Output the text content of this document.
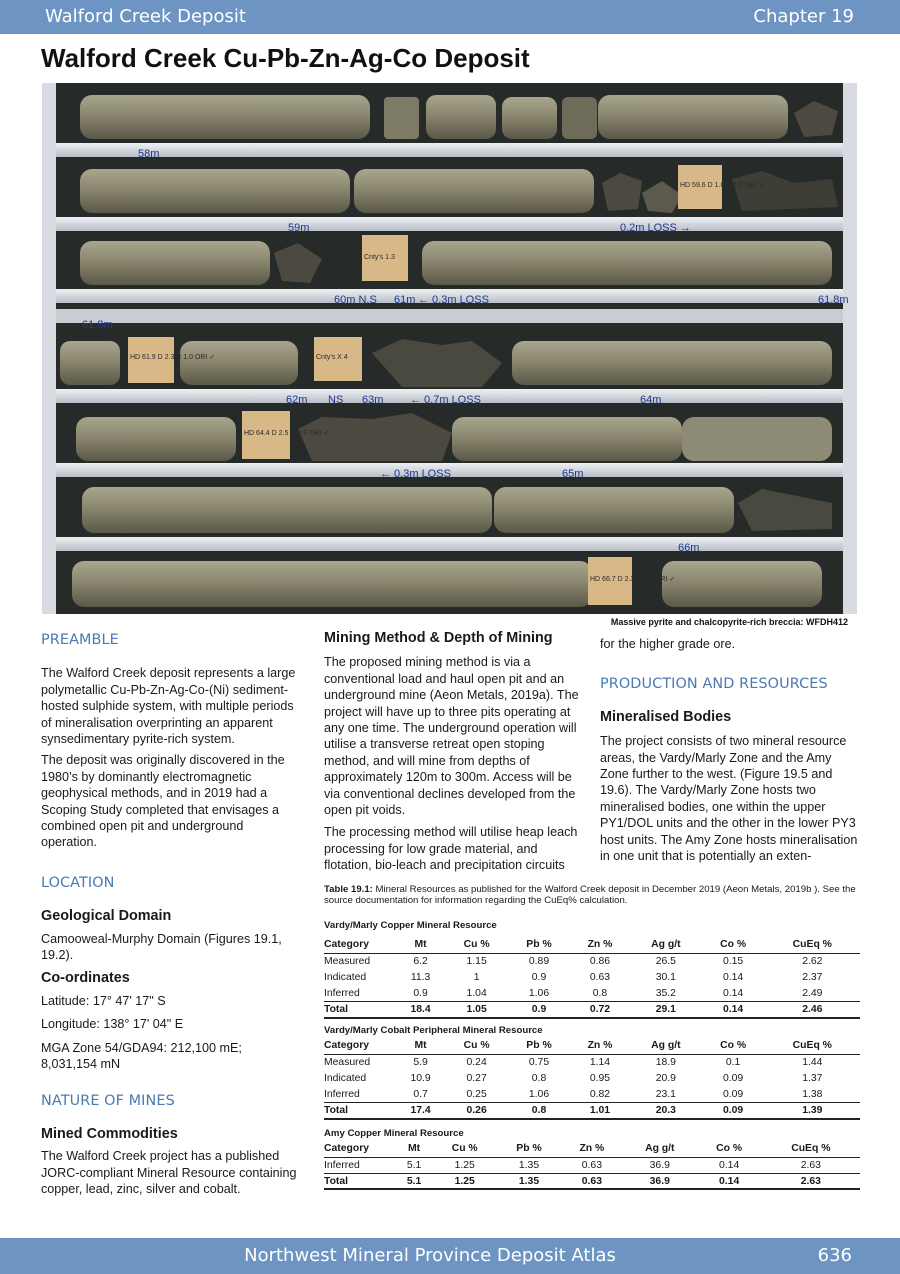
Walford Creek Deposit	Chapter 19
Walford Creek Cu-Pb-Zn-Ag-Co Deposit
58m
0.2m LOSS →
59m
60m N.S 61m ← 0.3m LOSS	61.8m
61.8m
62m NS 63m ← 0.7m LOSS	64m
← 0.3m LOSS	65m
66m
HD 59.6 D 1.8 R 1.6 ORI ✓
Cnty's 1.3
HD 61.9 D 2.3 R 1.0 ORI ✓	Cnty's X 4
HD 64.4 D 2.5 R 0.8 ORI ✓
HD 66.7 D 2.3 R 2.0 ORI ✓
Massive pyrite and chalcopyrite-rich breccia: WFDH412
PREAMBLE

The Walford Creek deposit represents a large polymetallic Cu-Pb-Zn-Ag-Co-(Ni) sediment-hosted sulphide system, with multiple periods of mineralisation overprinting an apparent synsedimentary pyrite-rich system.

The deposit was originally discovered in the 1980’s by dominantly electromagnetic geophysical methods, and in 2019 had a Scoping Study completed that envisages a combined open pit and underground operation.

LOCATION
Geological Domain

Camooweal-Murphy Domain (Figures 19.1, 19.2).

Co-ordinates

Latitude: 17° 47' 17" S

Longitude: 138° 17' 04" E

MGA Zone 54/GDA94: 212,100 mE; 8,031,154 mN

NATURE OF MINES
Mined Commodities

The Walford Creek project has a published JORC-compliant Mineral Resource containing copper, lead, zinc, silver and cobalt.

Mining Method & Depth of Mining

The proposed mining method is via a conventional load and haul open pit and an underground mine (Aeon Metals, 2019a). The project will have up to three pits operating at any one time. The underground operation will utilise a transverse retreat open stoping method, and will mine from depths of approximately 120m to 300m. Access will be via conventional declines developed from the open pit voids.

The processing method will utilise heap leach processing for low grade material, and flotation, bio-leach and precipitation circuits

for the higher grade ore.

PRODUCTION AND RESOURCES
Mineralised Bodies

The project consists of two mineral resource areas, the Vardy/Marly Zone and the Amy Zone further to the west. (Figure 19.5 and 19.6). The Vardy/Marly Zone hosts two mineralised bodies, one within the upper PY1/DOL units and the other in the lower PY3 host units. The Amy Zone hosts mineralisation in one unit that is potentially an exten-

Table 19.1: Mineral Resources as published for the Walford Creek deposit in December 2019 (Aeon Metals, 2019b ). See the source documentation for information regarding the CuEq% calculation.
Vardy/Marly Copper Mineral Resource
Category	Mt	Cu %	Pb %	Zn %	Ag g/t	Co %	CuEq %
Measured	6.2	1.15	0.89	0.86	26.5	0.15	2.62
Indicated	11.3	1	0.9	0.63	30.1	0.14	2.37
Inferred	0.9	1.04	1.06	0.8	35.2	0.14	2.49
Total	18.4	1.05	0.9	0.72	29.1	0.14	2.46
Vardy/Marly Cobalt Peripheral Mineral Resource
Category	Mt	Cu %	Pb %	Zn %	Ag g/t	Co %	CuEq %
Measured	5.9	0.24	0.75	1.14	18.9	0.1	1.44
Indicated	10.9	0.27	0.8	0.95	20.9	0.09	1.37
Inferred	0.7	0.25	1.06	0.82	23.1	0.09	1.38
Total	17.4	0.26	0.8	1.01	20.3	0.09	1.39
Amy Copper Mineral Resource
Category	Mt	Cu %	Pb %	Zn %	Ag g/t	Co %	CuEq %
Inferred	5.1	1.25	1.35	0.63	36.9	0.14	2.63
Total	5.1	1.25	1.35	0.63	36.9	0.14	2.63
Northwest Mineral Province Deposit Atlas	636
